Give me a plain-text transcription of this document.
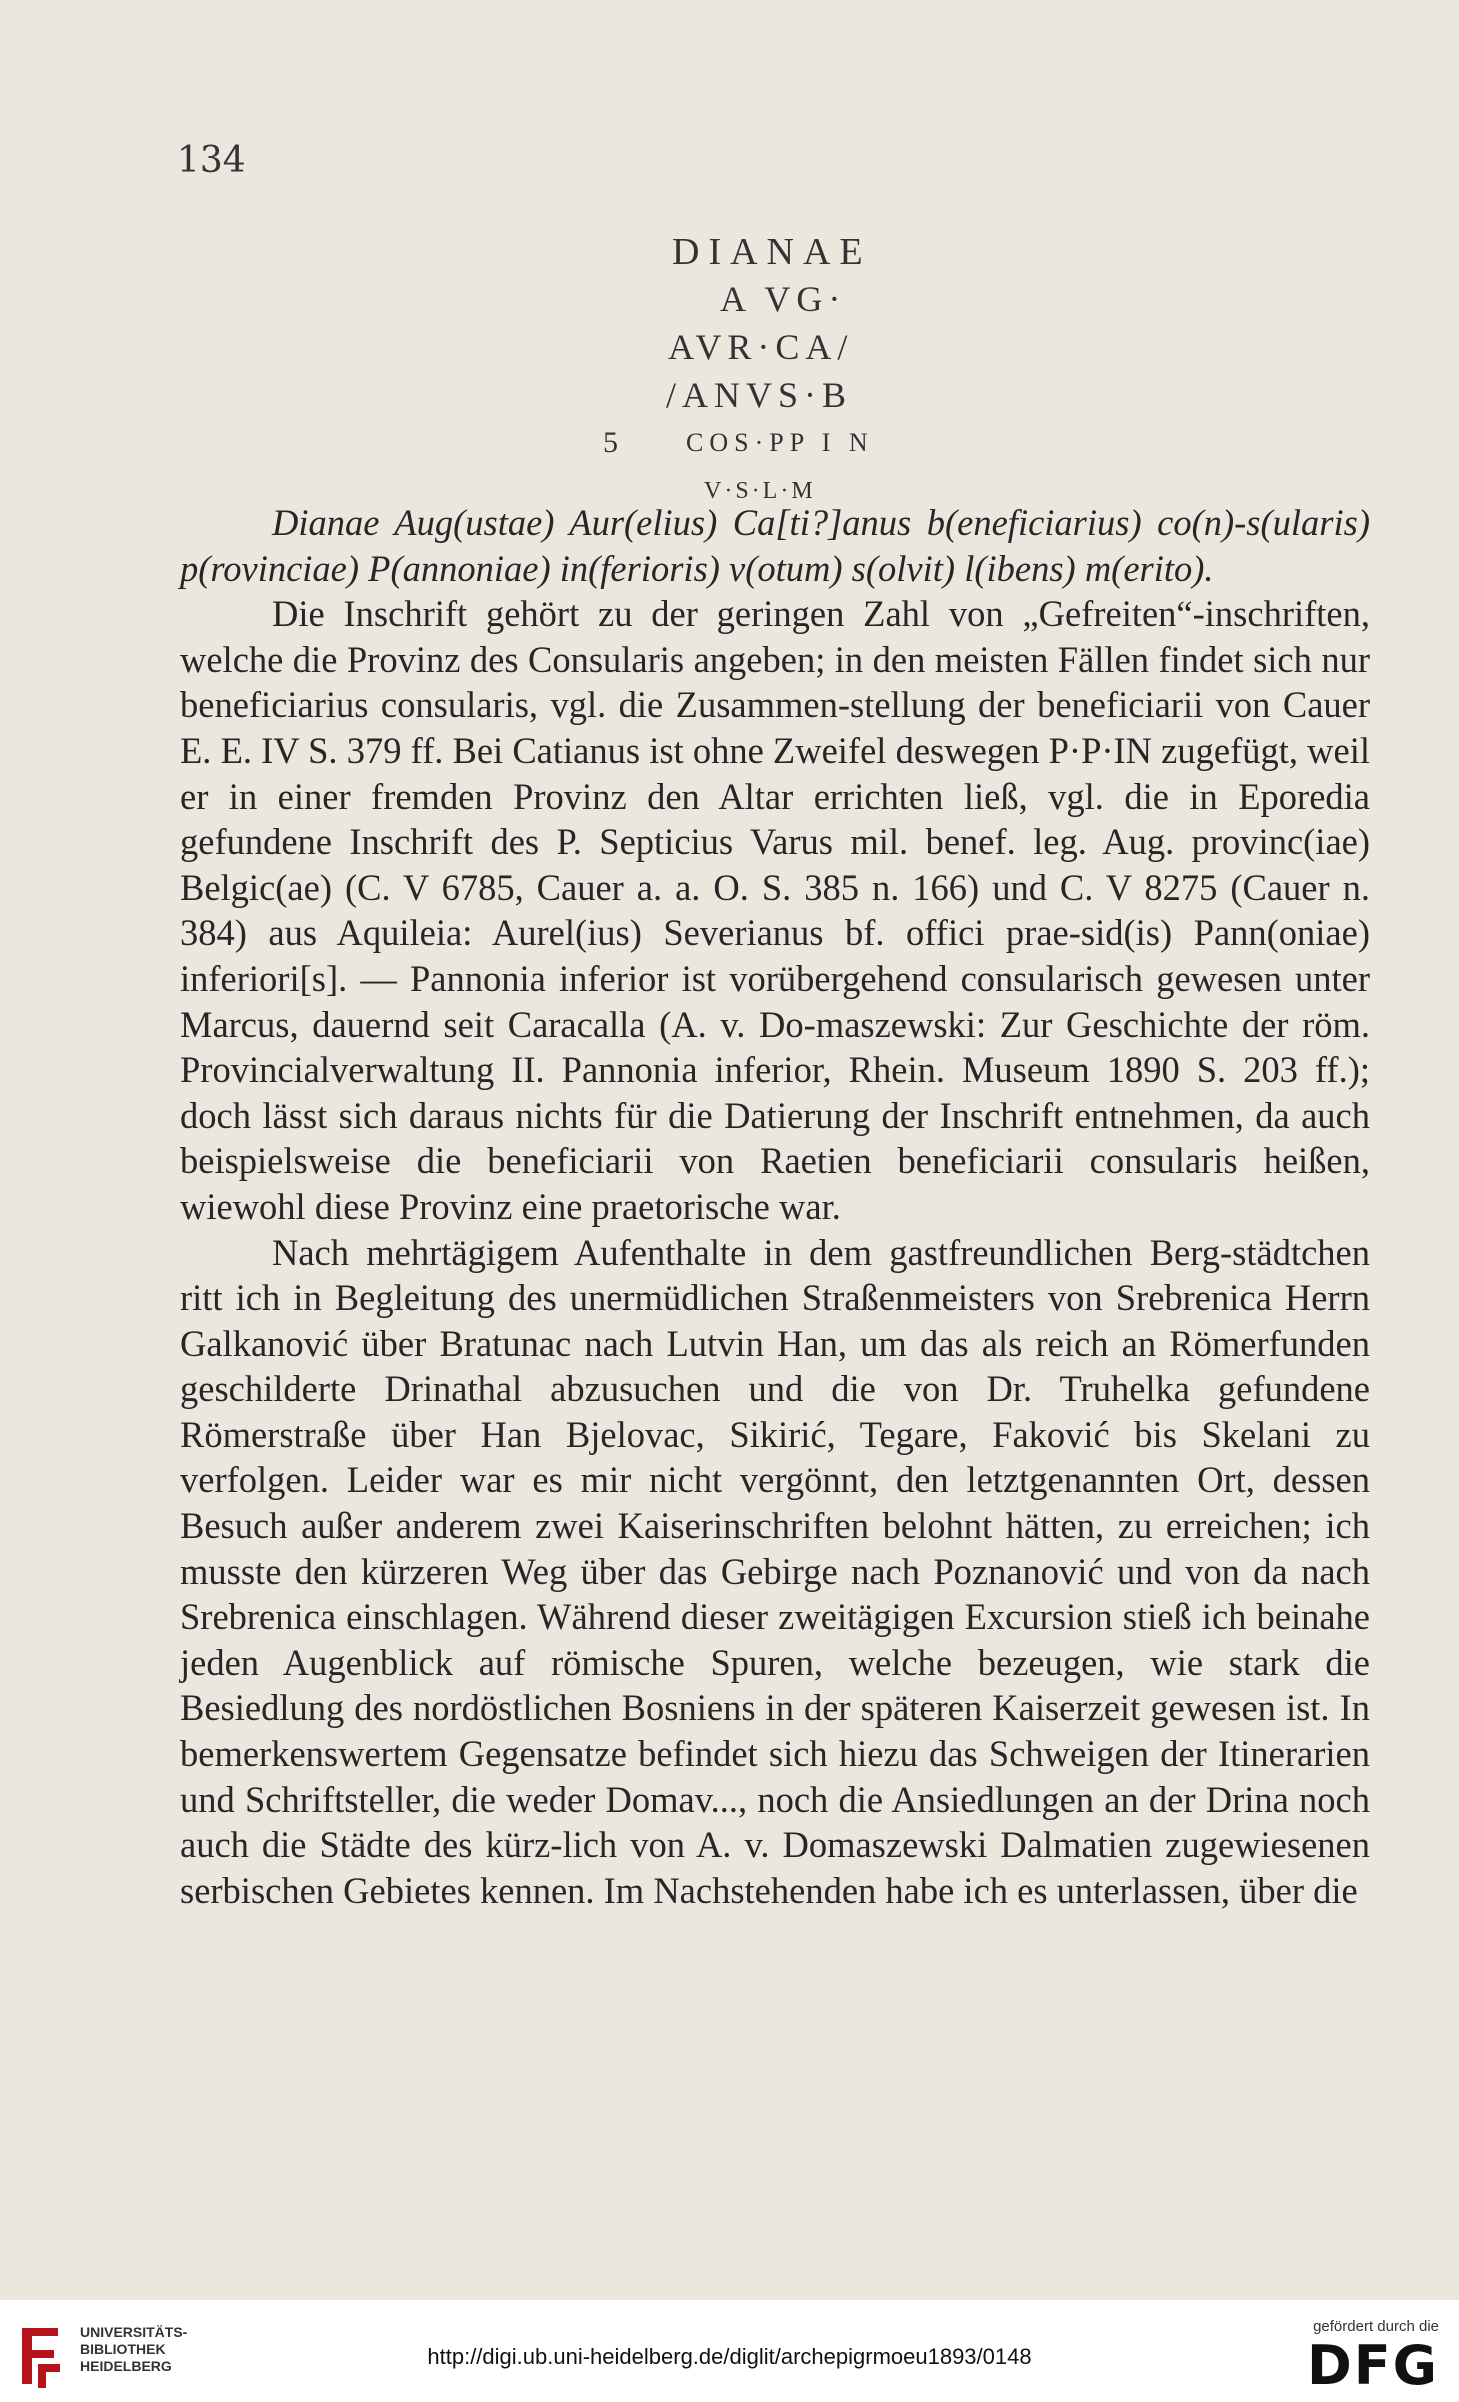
134
DIANAE
A VG·
AVR·CA/
/ANVS·B
5	COS·PP I N
V·S·L·M

Dianae Aug(ustae) Aur(elius) Ca[ti?]anus b(eneficiarius) co(n)-s(ularis) p(rovinciae) P(annoniae) in(ferioris) v(otum) s(olvit) l(ibens) m(erito).

Die Inschrift gehört zu der geringen Zahl von „Gefreiten“-inschriften, welche die Provinz des Consularis angeben; in den meisten Fällen findet sich nur beneficiarius consularis, vgl. die Zusammen-stellung der beneficiarii von Cauer E. E. IV S. 379 ff. Bei Catianus ist ohne Zweifel deswegen P·P·IN zugefügt, weil er in einer fremden Provinz den Altar errichten ließ, vgl. die in Eporedia gefundene Inschrift des P. Septicius Varus mil. benef. leg. Aug. provinc(iae) Belgic(ae) (C. V 6785, Cauer a. a. O. S. 385 n. 166) und C. V 8275 (Cauer n. 384) aus Aquileia: Aurel(ius) Severianus bf. offici prae-sid(is) Pann(oniae) inferiori[s]. — Pannonia inferior ist vorübergehend consularisch gewesen unter Marcus, dauernd seit Caracalla (A. v. Do-maszewski: Zur Geschichte der röm. Provincialverwaltung II. Pannonia inferior, Rhein. Museum 1890 S. 203 ff.); doch lässt sich daraus nichts für die Datierung der Inschrift entnehmen, da auch beispielsweise die beneficiarii von Raetien beneficiarii consularis heißen, wiewohl diese Provinz eine praetorische war.

Nach mehrtägigem Aufenthalte in dem gastfreundlichen Berg-städtchen ritt ich in Begleitung des unermüdlichen Straßenmeisters von Srebrenica Herrn Galkanović über Bratunac nach Lutvin Han, um das als reich an Römerfunden geschilderte Drinathal abzusuchen und die von Dr. Truhelka gefundene Römerstraße über Han Bjelovac, Sikirić, Tegare, Faković bis Skelani zu verfolgen. Leider war es mir nicht vergönnt, den letztgenannten Ort, dessen Besuch außer anderem zwei Kaiserinschriften belohnt hätten, zu erreichen; ich musste den kürzeren Weg über das Gebirge nach Poznanović und von da nach Srebrenica einschlagen. Während dieser zweitägigen Excursion stieß ich beinahe jeden Augenblick auf römische Spuren, welche bezeugen, wie stark die Besiedlung des nordöstlichen Bosniens in der späteren Kaiserzeit gewesen ist. In bemerkenswertem Gegensatze befindet sich hiezu das Schweigen der Itinerarien und Schriftsteller, die weder Domav..., noch die Ansiedlungen an der Drina noch auch die Städte des kürz-lich von A. v. Domaszewski Dalmatien zugewiesenen serbischen Gebietes kennen. Im Nachstehenden habe ich es unterlassen, über die

UNIVERSITÄTS-
BIBLIOTHEK
HEIDELBERG	http://digi.ub.uni-heidelberg.de/diglit/archepigrmoeu1893/0148
gefördert durch die
DFG
